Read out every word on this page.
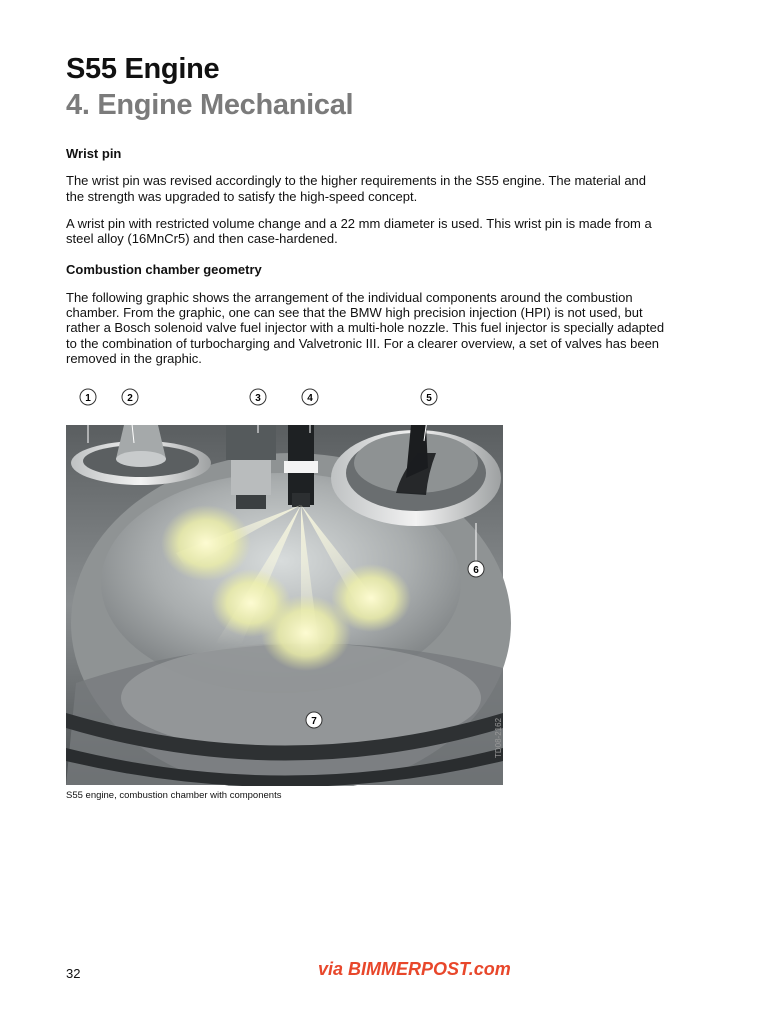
S55 Engine
4. Engine Mechanical
Wrist pin

The wrist pin was revised accordingly to the higher requirements in the S55 engine. The material and the strength was upgraded to satisfy the high-speed concept.

A wrist pin with restricted volume change and a 22 mm diameter is used. This wrist pin is made from a steel alloy (16MnCr5) and then case-hardened.

Combustion chamber geometry

The following graphic shows the arrangement of the individual components around the combustion chamber. From the graphic, one can see that the BMW high precision injection (HPI) is not used, but rather a Bosch solenoid valve fuel injector with a multi-hole nozzle. This fuel injector is specially adapted to the combination of turbocharging and Valvetronic III. For a clearer overview, a set of valves has been removed in the graphic.

TD08-2162
1	2	3	4	5
6
7
S55 engine, combustion chamber with components
32	via BIMMERPOST.com
